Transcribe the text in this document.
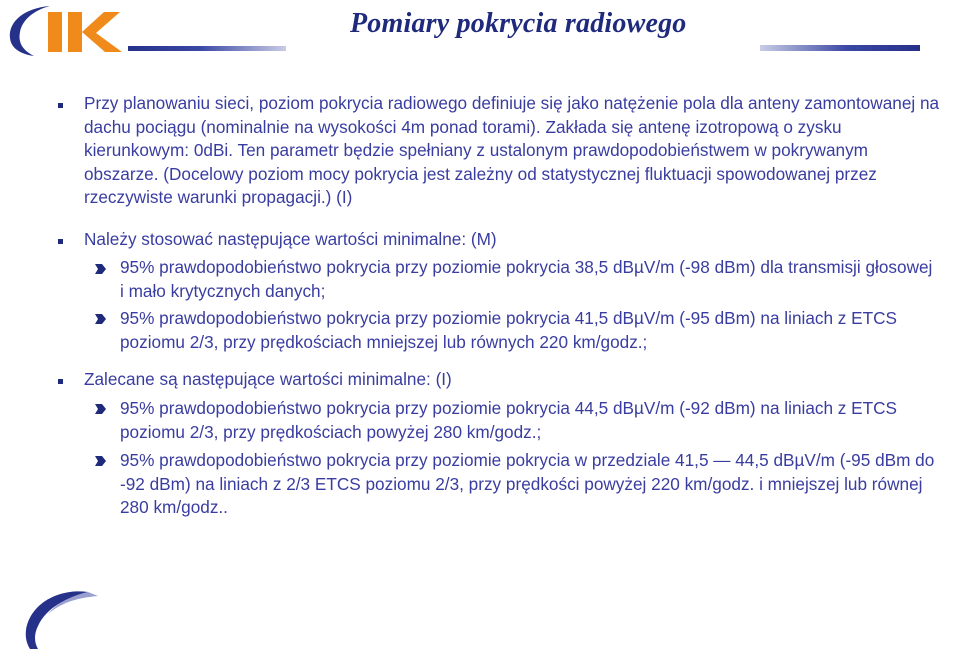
IK
Pomiary pokrycia radiowego
Przy planowaniu sieci, poziom pokrycia radiowego definiuje się jako natężenie pola dla anteny zamontowanej na dachu pociągu (nominalnie na wysokości 4m ponad torami). Zakłada się antenę izotropową o zysku kierunkowym: 0dBi. Ten parametr będzie spełniany z ustalonym prawdopodobieństwem w pokrywanym obszarze. (Docelowy poziom mocy pokrycia jest zależny od statystycznej fluktuacji spowodowanej przez rzeczywiste warunki propagacji.) (I)
Należy stosować następujące wartości minimalne: (M)
95% prawdopodobieństwo pokrycia przy poziomie pokrycia 38,5 dBµV/m (-98 dBm) dla transmisji głosowej i mało krytycznych danych;
95% prawdopodobieństwo pokrycia przy poziomie pokrycia 41,5 dBµV/m (-95 dBm) na liniach z ETCS poziomu 2/3, przy prędkościach mniejszej lub równych 220 km/godz.;
Zalecane są następujące wartości minimalne: (I)
95% prawdopodobieństwo pokrycia przy poziomie pokrycia 44,5 dBµV/m (-92 dBm) na liniach z ETCS poziomu 2/3, przy prędkościach powyżej 280 km/godz.;
95% prawdopodobieństwo pokrycia przy poziomie pokrycia w przedziale 41,5 — 44,5 dBµV/m (-95 dBm do -92 dBm) na liniach z 2/3 ETCS poziomu 2/3, przy prędkości powyżej 220 km/godz. i mniejszej lub równej 280 km/godz..
